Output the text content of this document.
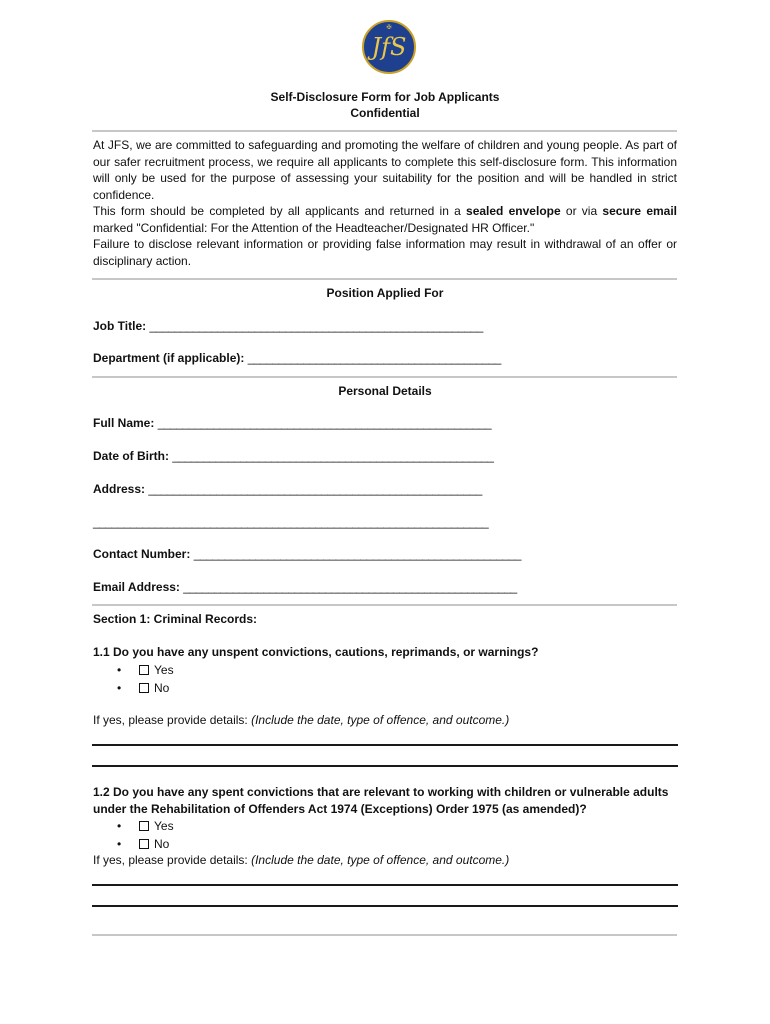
✠
JfS
Self-Disclosure Form for Job Applicants
Confidential

At JFS, we are committed to safeguarding and promoting the welfare of children and young people. As part of our safer recruitment process, we require all applicants to complete this self-disclosure form. This information will only be used for the purpose of assessing your suitability for the position and will be handled in strict confidence.

This form should be completed by all applicants and returned in a sealed envelope or via secure email marked "Confidential: For the Attention of the Headteacher/Designated HR Officer."

Failure to disclose relevant information or providing false information may result in withdrawal of an offer or disciplinary action.

Position Applied For
Job Title: ______________________________________________________
Department (if applicable): _________________________________________
Personal Details
Full Name: ______________________________________________________
Date of Birth: ____________________________________________________
Address: ______________________________________________________
________________________________________________________________
Contact Number: _____________________________________________________
Email Address: ______________________________________________________
Section 1: Criminal Records:
1.1 Do you have any unspent convictions, cautions, reprimands, or warnings?
•	Yes
•	No
If yes, please provide details: (Include the date, type of offence, and outcome.)
1.2 Do you have any spent convictions that are relevant to working with children or vulnerable adults under the Rehabilitation of Offenders Act 1974 (Exceptions) Order 1975 (as amended)?
•	Yes
•	No
If yes, please provide details: (Include the date, type of offence, and outcome.)
